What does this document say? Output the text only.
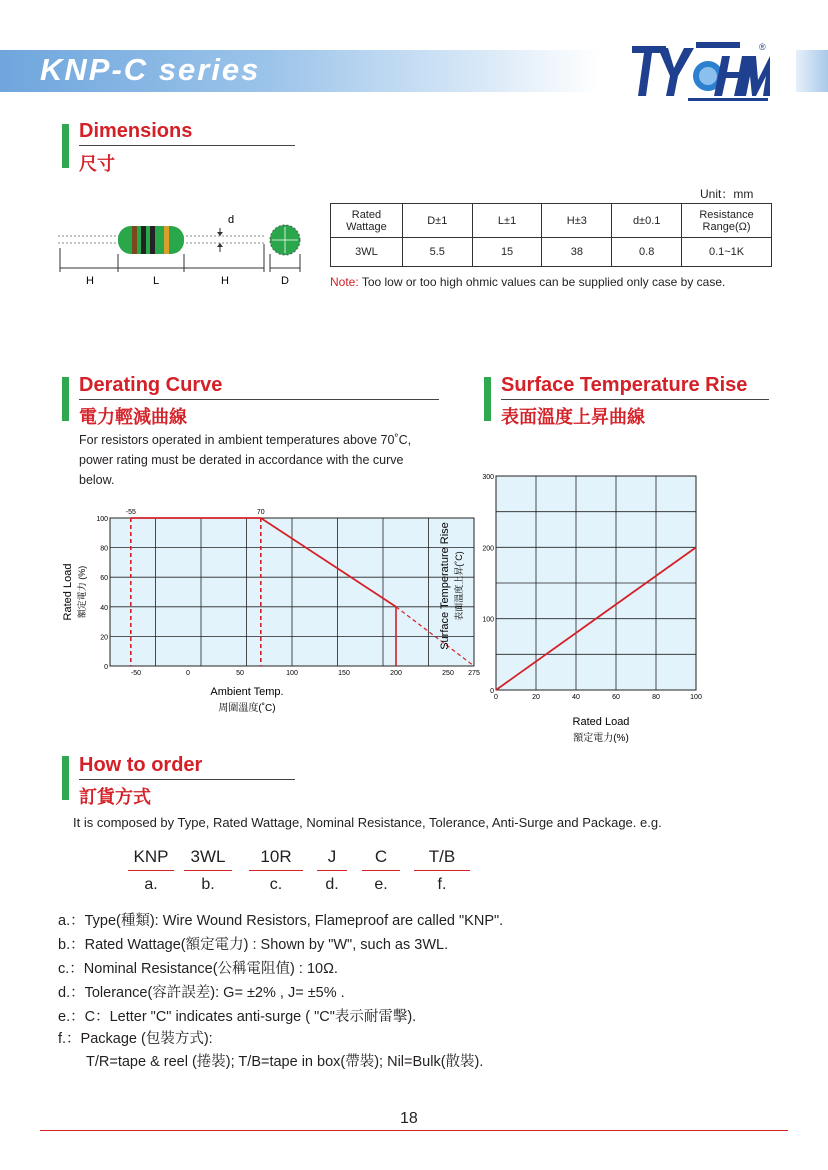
KNP-C series
®
Dimensions
尺寸
d
H	L	H	D
Unit：mm
Rated Wattage	D±1	L±1	H±3	d±0.1	Resistance Range(Ω)
3WL	5.5	15	38	0.8	0.1~1K
Note: Too low or too high ohmic values can be supplied only case by case.
Derating Curve
電力輕減曲線
For resistors operated in ambient temperatures above 70˚C,
power rating must be derated in accordance with the curve
below.
0
20
40
60
80
100
-50	0	50	100	150	200	250 275
-55	70
Ambient Temp.
周圍溫度(˚C)
Rated Load 額定電力 (%)
Surface Temperature Rise
表面溫度上昇曲線
0
100
200
300
0	20	40	60	80	100
Rated Load
額定電力(%)
Surface Temperature Rise 表面溫度上昇(˚C)
How to order
訂貨方式
It is composed by Type, Rated Wattage, Nominal Resistance, Tolerance, Anti-Surge and Package. e.g.
KNP	3WL	10R	J	C	T/B
a.	b.	c.	d.	e.	f.
a.：Type(種類): Wire Wound Resistors, Flameproof are called "KNP".
b.：Rated Wattage(額定電力) : Shown by "W", such as 3WL.
c.：Nominal Resistance(公稱電阻值) : 10Ω.
d.：Tolerance(容許誤差): G= ±2% , J= ±5% .
e.：C：Letter "C" indicates anti-surge ( "C"表示耐雷擊).
f.：Package (包裝方式):
T/R=tape & reel (捲裝); T/B=tape in box(帶裝); Nil=Bulk(散裝).
18
